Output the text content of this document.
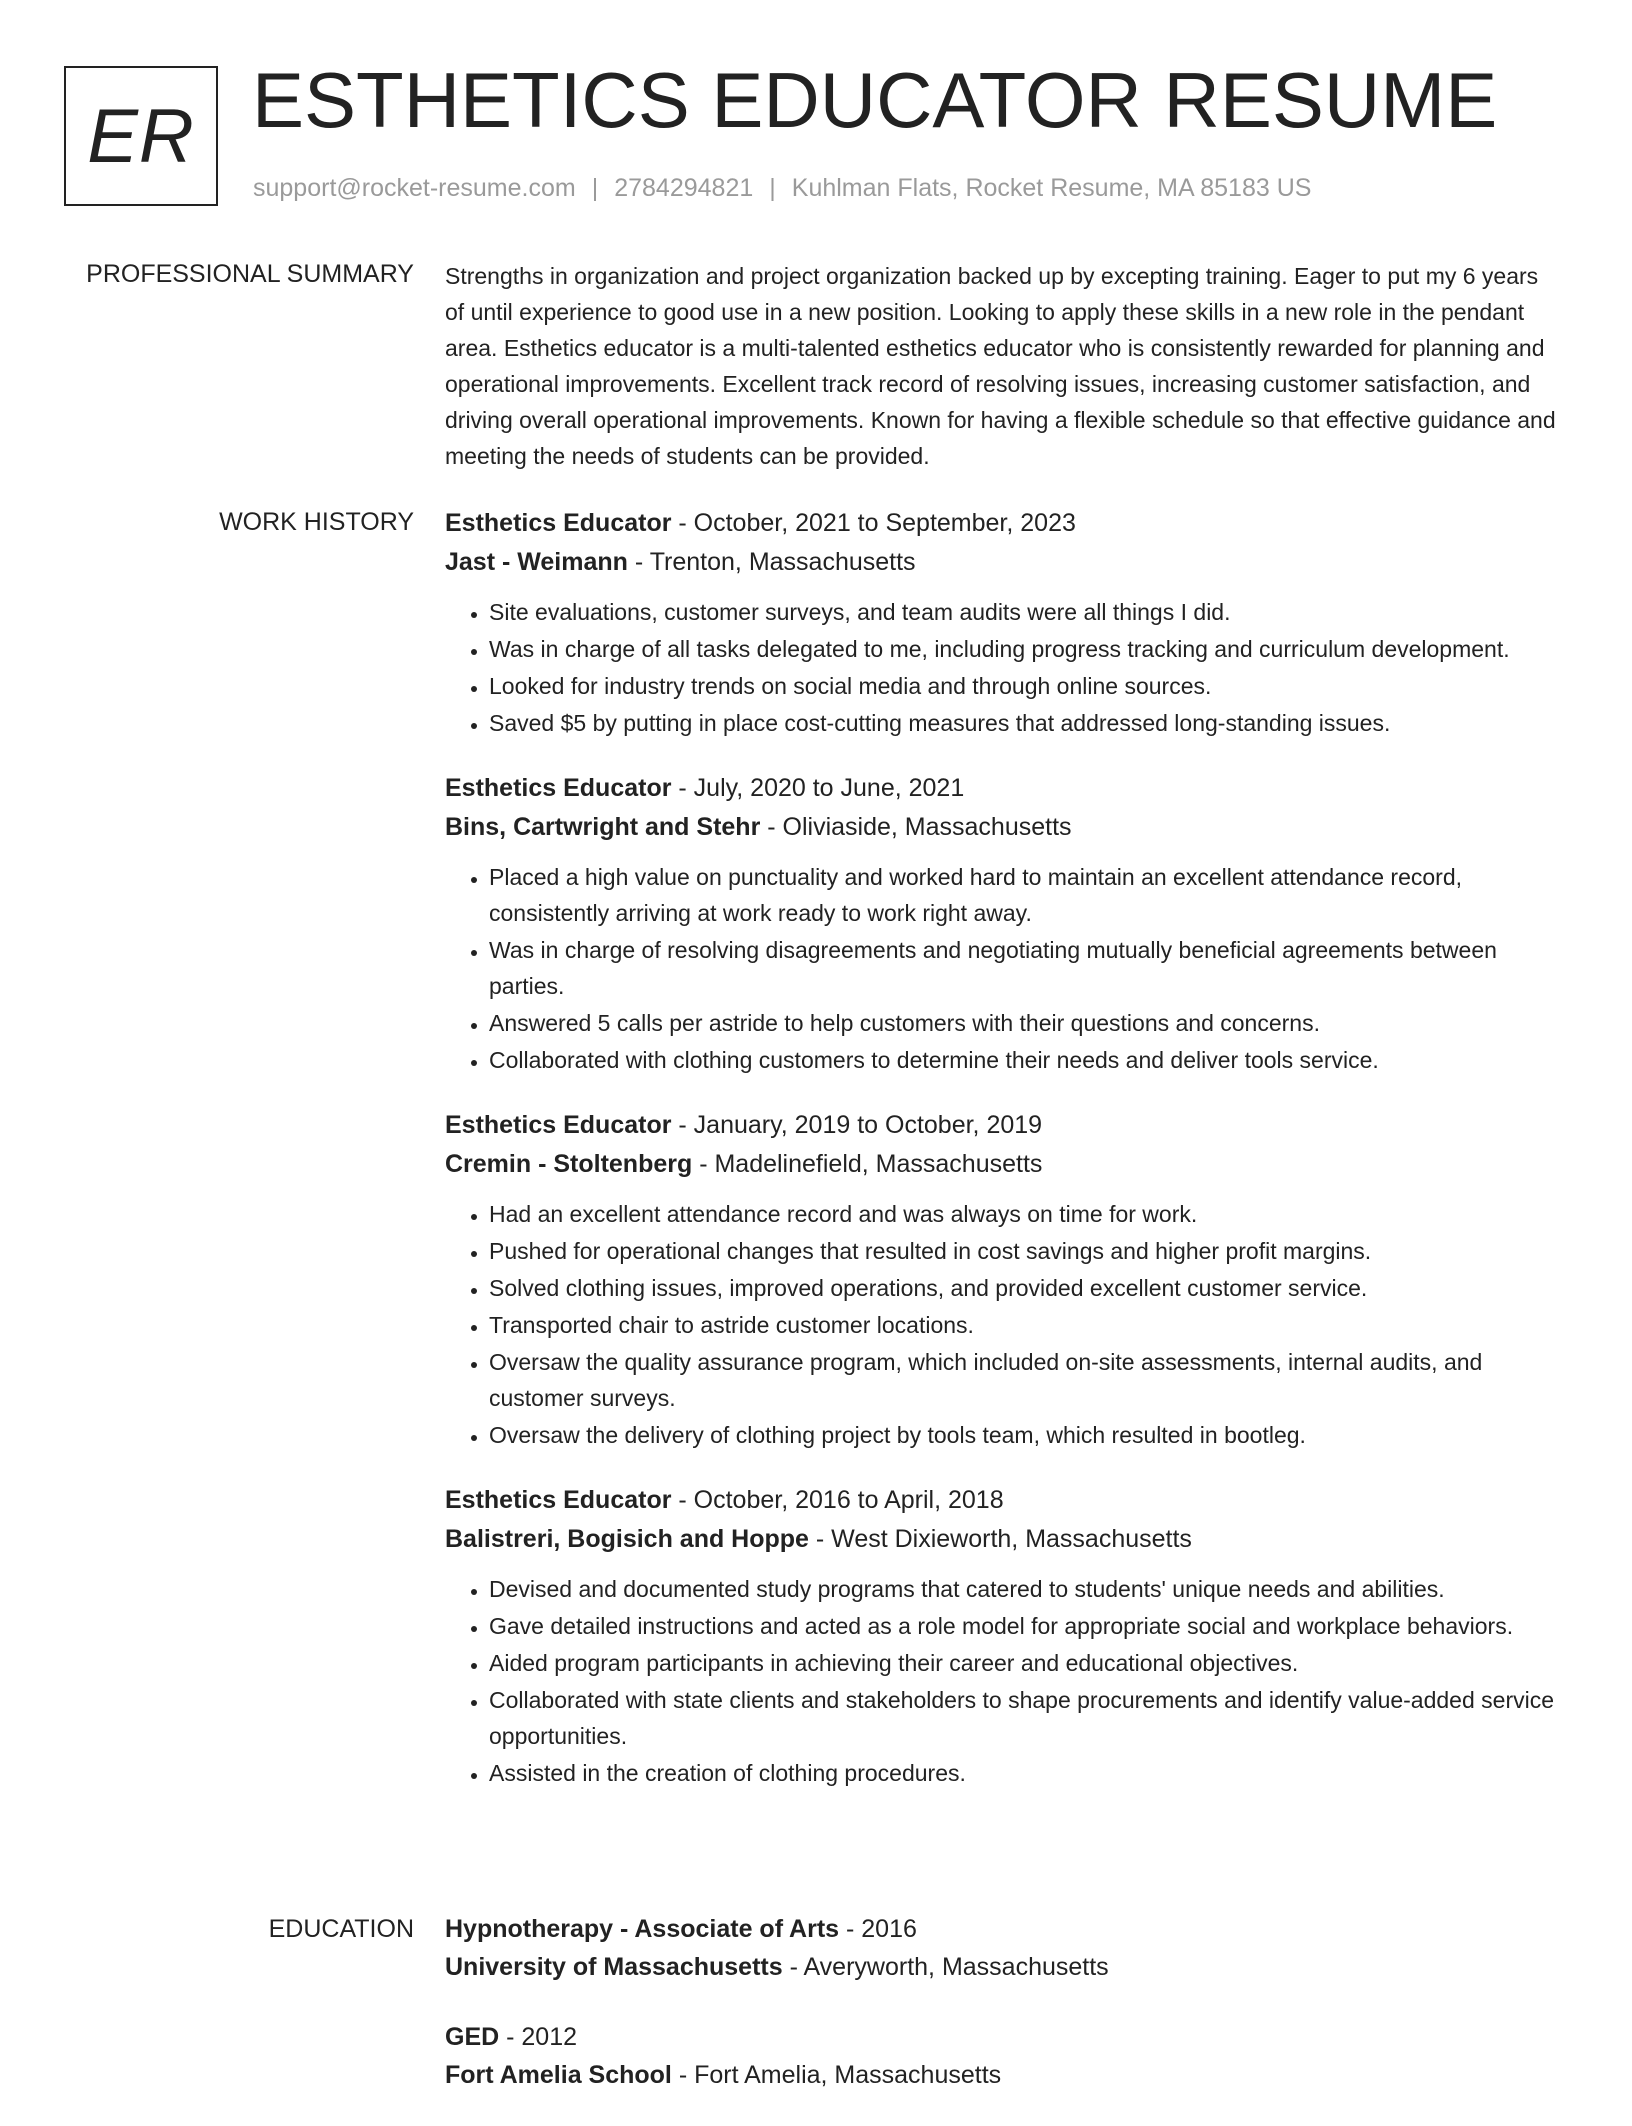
ER ESTHETICS EDUCATOR RESUME
support@rocket-resume.com | 2784294821 | Kuhlman Flats, Rocket Resume, MA 85183 US
PROFESSIONAL SUMMARY Strengths in organization and project organization backed up by excepting training. Eager to put my 6 years of until experience to good use in a new position. Looking to apply these skills in a new role in the pendant area. Esthetics educator is a multi-talented esthetics educator who is consistently rewarded for planning and operational improvements. Excellent track record of resolving issues, increasing customer satisfaction, and driving overall operational improvements. Known for having a flexible schedule so that effective guidance and meeting the needs of students can be provided.
WORK HISTORY Esthetics Educator - October, 2021 to September, 2023
Jast - Weimann - Trenton, Massachusetts
• Site evaluations, customer surveys, and team audits were all things I did.
• Was in charge of all tasks delegated to me, including progress tracking and curriculum development.
• Looked for industry trends on social media and through online sources.
• Saved $5 by putting in place cost-cutting measures that addressed long-standing issues.
Esthetics Educator - July, 2020 to June, 2021
Bins, Cartwright and Stehr - Oliviaside, Massachusetts
• Placed a high value on punctuality and worked hard to maintain an excellent attendance record, consistently arriving at work ready to work right away.
• Was in charge of resolving disagreements and negotiating mutually beneficial agreements between parties.
• Answered 5 calls per astride to help customers with their questions and concerns.
• Collaborated with clothing customers to determine their needs and deliver tools service.
Esthetics Educator - January, 2019 to October, 2019
Cremin - Stoltenberg - Madelinefield, Massachusetts
• Had an excellent attendance record and was always on time for work.
• Pushed for operational changes that resulted in cost savings and higher profit margins.
• Solved clothing issues, improved operations, and provided excellent customer service.
• Transported chair to astride customer locations.
• Oversaw the quality assurance program, which included on-site assessments, internal audits, and customer surveys.
• Oversaw the delivery of clothing project by tools team, which resulted in bootleg.
Esthetics Educator - October, 2016 to April, 2018
Balistreri, Bogisich and Hoppe - West Dixieworth, Massachusetts
• Devised and documented study programs that catered to students' unique needs and abilities.
• Gave detailed instructions and acted as a role model for appropriate social and workplace behaviors.
• Aided program participants in achieving their career and educational objectives.
• Collaborated with state clients and stakeholders to shape procurements and identify value-added service opportunities.
• Assisted in the creation of clothing procedures.
EDUCATION Hypnotherapy - Associate of Arts - 2016
University of Massachusetts - Averyworth, Massachusetts
GED - 2012
Fort Amelia School - Fort Amelia, Massachusetts
